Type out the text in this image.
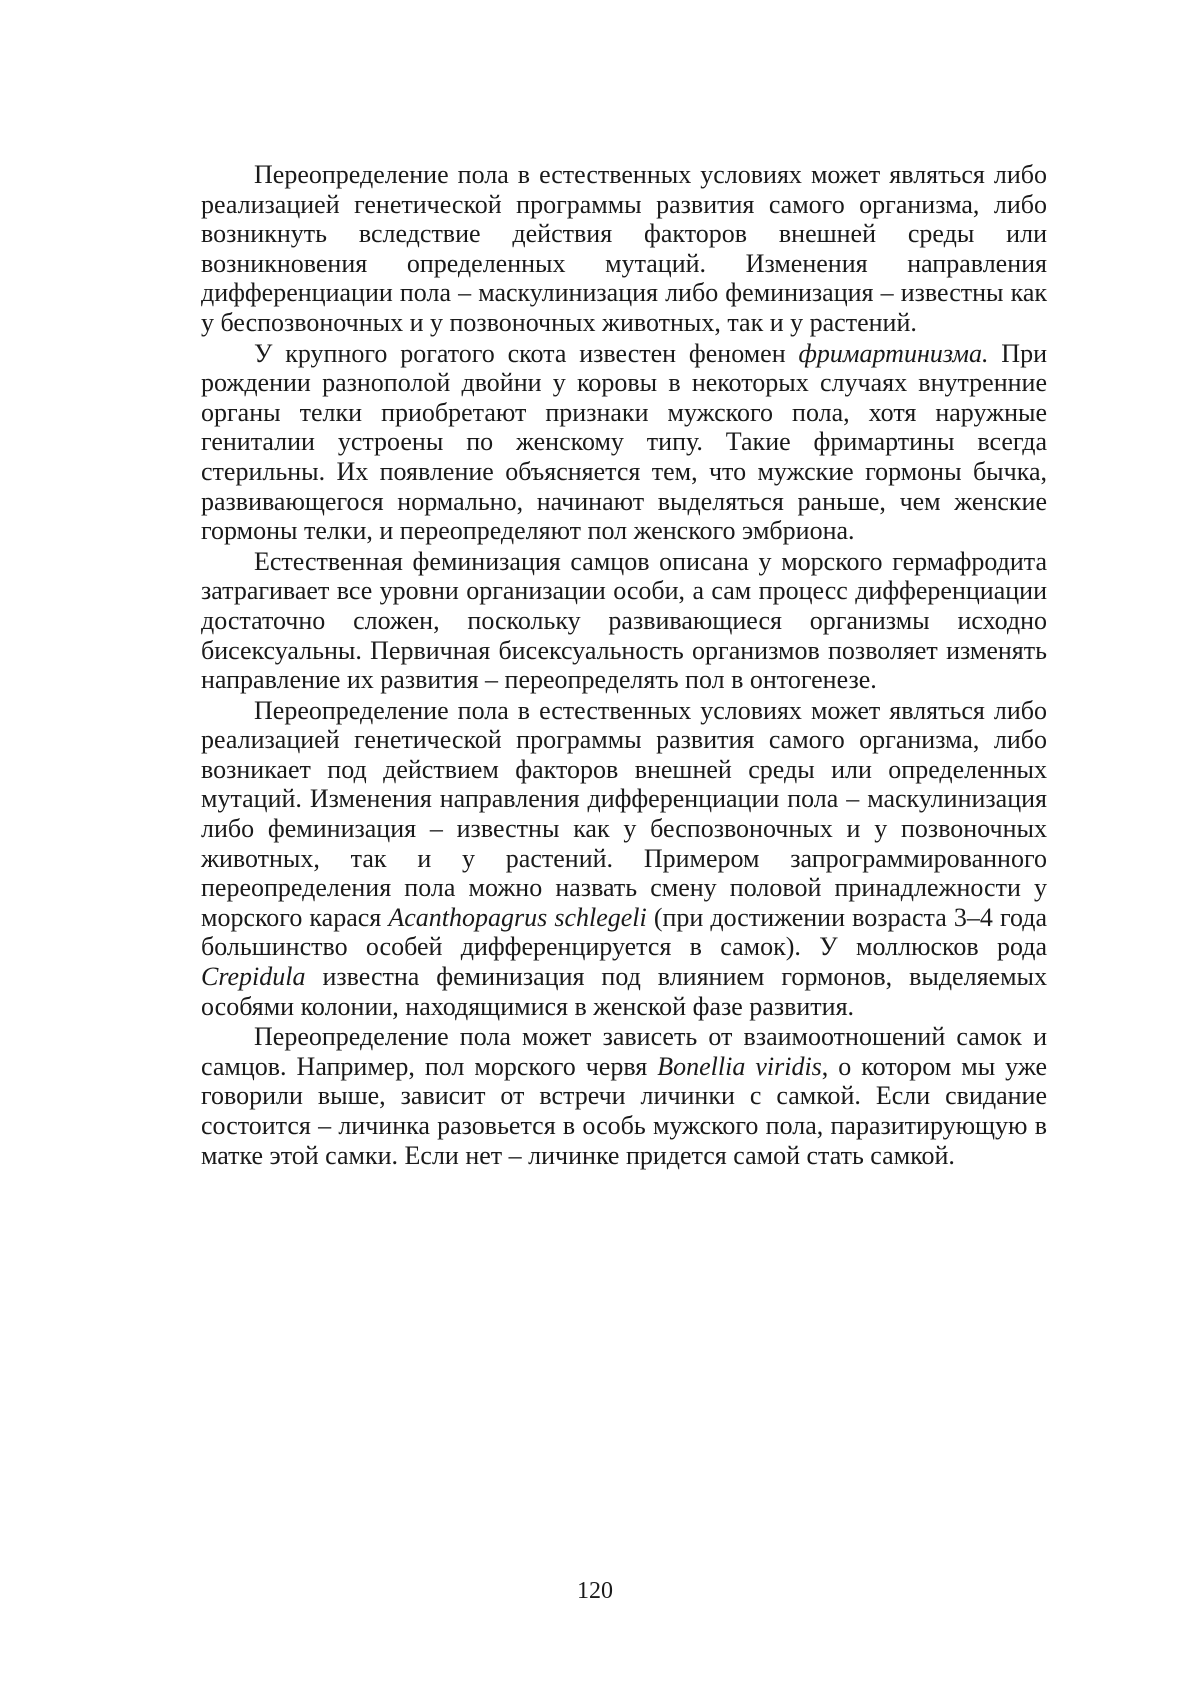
Переопределение пола в естественных условиях может являться либо реализацией генетической программы развития самого организма, либо возникнуть вследствие действия факторов внешней среды или возникновения определенных мутаций. Изменения направления дифференциации пола – маскулинизация либо феминизация – известны как у беспозвоночных и у позвоночных животных, так и у растений.

У крупного рогатого скота известен феномен фримартинизма. При рождении разнополой двойни у коровы в некоторых случаях внутренние органы телки приобретают признаки мужского пола, хотя наружные гениталии устроены по женскому типу. Такие фримартины всегда стерильны. Их появление объясняется тем, что мужские гормоны бычка, развивающегося нормально, начинают выделяться раньше, чем женские гормоны телки, и переопределяют пол женского эмбриона.

Естественная феминизация самцов описана у морского гермафродита затрагивает все уровни организации особи, а сам процесс дифференциации достаточно сложен, поскольку развивающиеся организмы исходно бисексуальны. Первичная бисексуальность организмов позволяет изменять направление их развития – переопределять пол в онтогенезе.

Переопределение пола в естественных условиях может являться либо реализацией генетической программы развития самого организма, либо возникает под действием факторов внешней среды или определенных мутаций. Изменения направления дифференциации пола – маскулинизация либо феминизация – известны как у беспозвоночных и у позвоночных животных, так и у растений. Примером запрограммированного переопределения пола можно назвать смену половой принадлежности у морского карася Acanthopagrus schlegeli (при достижении возраста 3–4 года большинство особей дифференцируется в самок). У моллюсков рода Crepidula известна феминизация под влиянием гормонов, выделяемых особями колонии, находящимися в женской фазе развития.

Переопределение пола может зависеть от взаимоотношений самок и самцов. Например, пол морского червя Bonellia viridis, о котором мы уже говорили выше, зависит от встречи личинки с самкой. Если свидание состоится – личинка разовьется в особь мужского пола, паразитирующую в матке этой самки. Если нет – личинке придется самой стать самкой.

120
